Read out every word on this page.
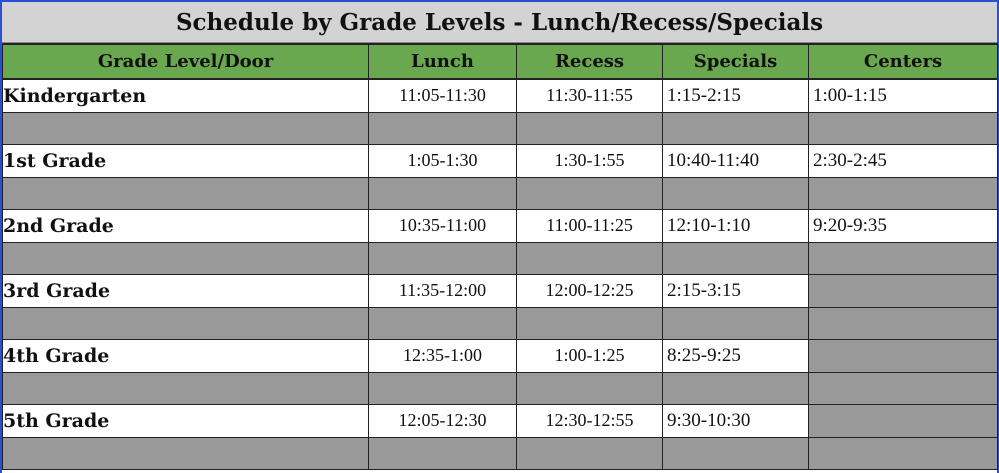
Schedule by Grade Levels - Lunch/Recess/Specials
Grade Level/Door	Lunch	Recess	Specials	Centers
Kindergarten	11:05-11:30	11:30-11:55	1:15-2:15	1:00-1:15

1st Grade	1:05-1:30	1:30-1:55	10:40-11:40	2:30-2:45

2nd Grade	10:35-11:00	11:00-11:25	12:10-1:10	9:20-9:35

3rd Grade	11:35-12:00	12:00-12:25	2:15-3:15	

4th Grade	12:35-1:00	1:00-1:25	8:25-9:25	

5th Grade	12:05-12:30	12:30-12:55	9:30-10:30	
